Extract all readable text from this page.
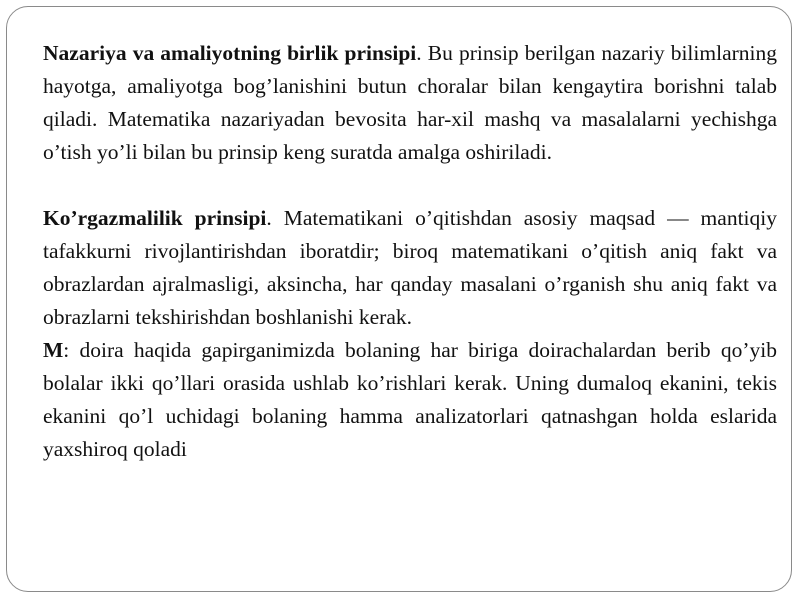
Nazariya va amaliyotning birlik prinsipi. Bu prinsip berilgan nazariy bilimlarning hayotga, amaliyotga bog’lanishini butun choralar bilan kengaytira borishni talab qiladi. Matematika nazariyadan bevosita har-xil mashq va masalalarni yechishga o’tish yo’li bilan bu prinsip keng suratda amalga oshiriladi.

Ko’rgazmalilik prinsipi. Matematikani o’qitishdan asosiy maqsad — mantiqiy tafakkurni rivojlantirishdan iboratdir; biroq matematikani o’qitish aniq fakt va obrazlardan ajralmasligi, aksincha, har qanday masalani o’rganish shu aniq fakt va obrazlarni tekshirishdan boshlanishi kerak.

M: doira haqida gapirganimizda bolaning har biriga doirachalardan berib qo’yib bolalar ikki qo’llari orasida ushlab ko’rishlari kerak. Uning dumaloq ekanini, tekis ekanini qo’l uchidagi bolaning hamma analizatorlari qatnashgan holda eslarida yaxshiroq qoladi
